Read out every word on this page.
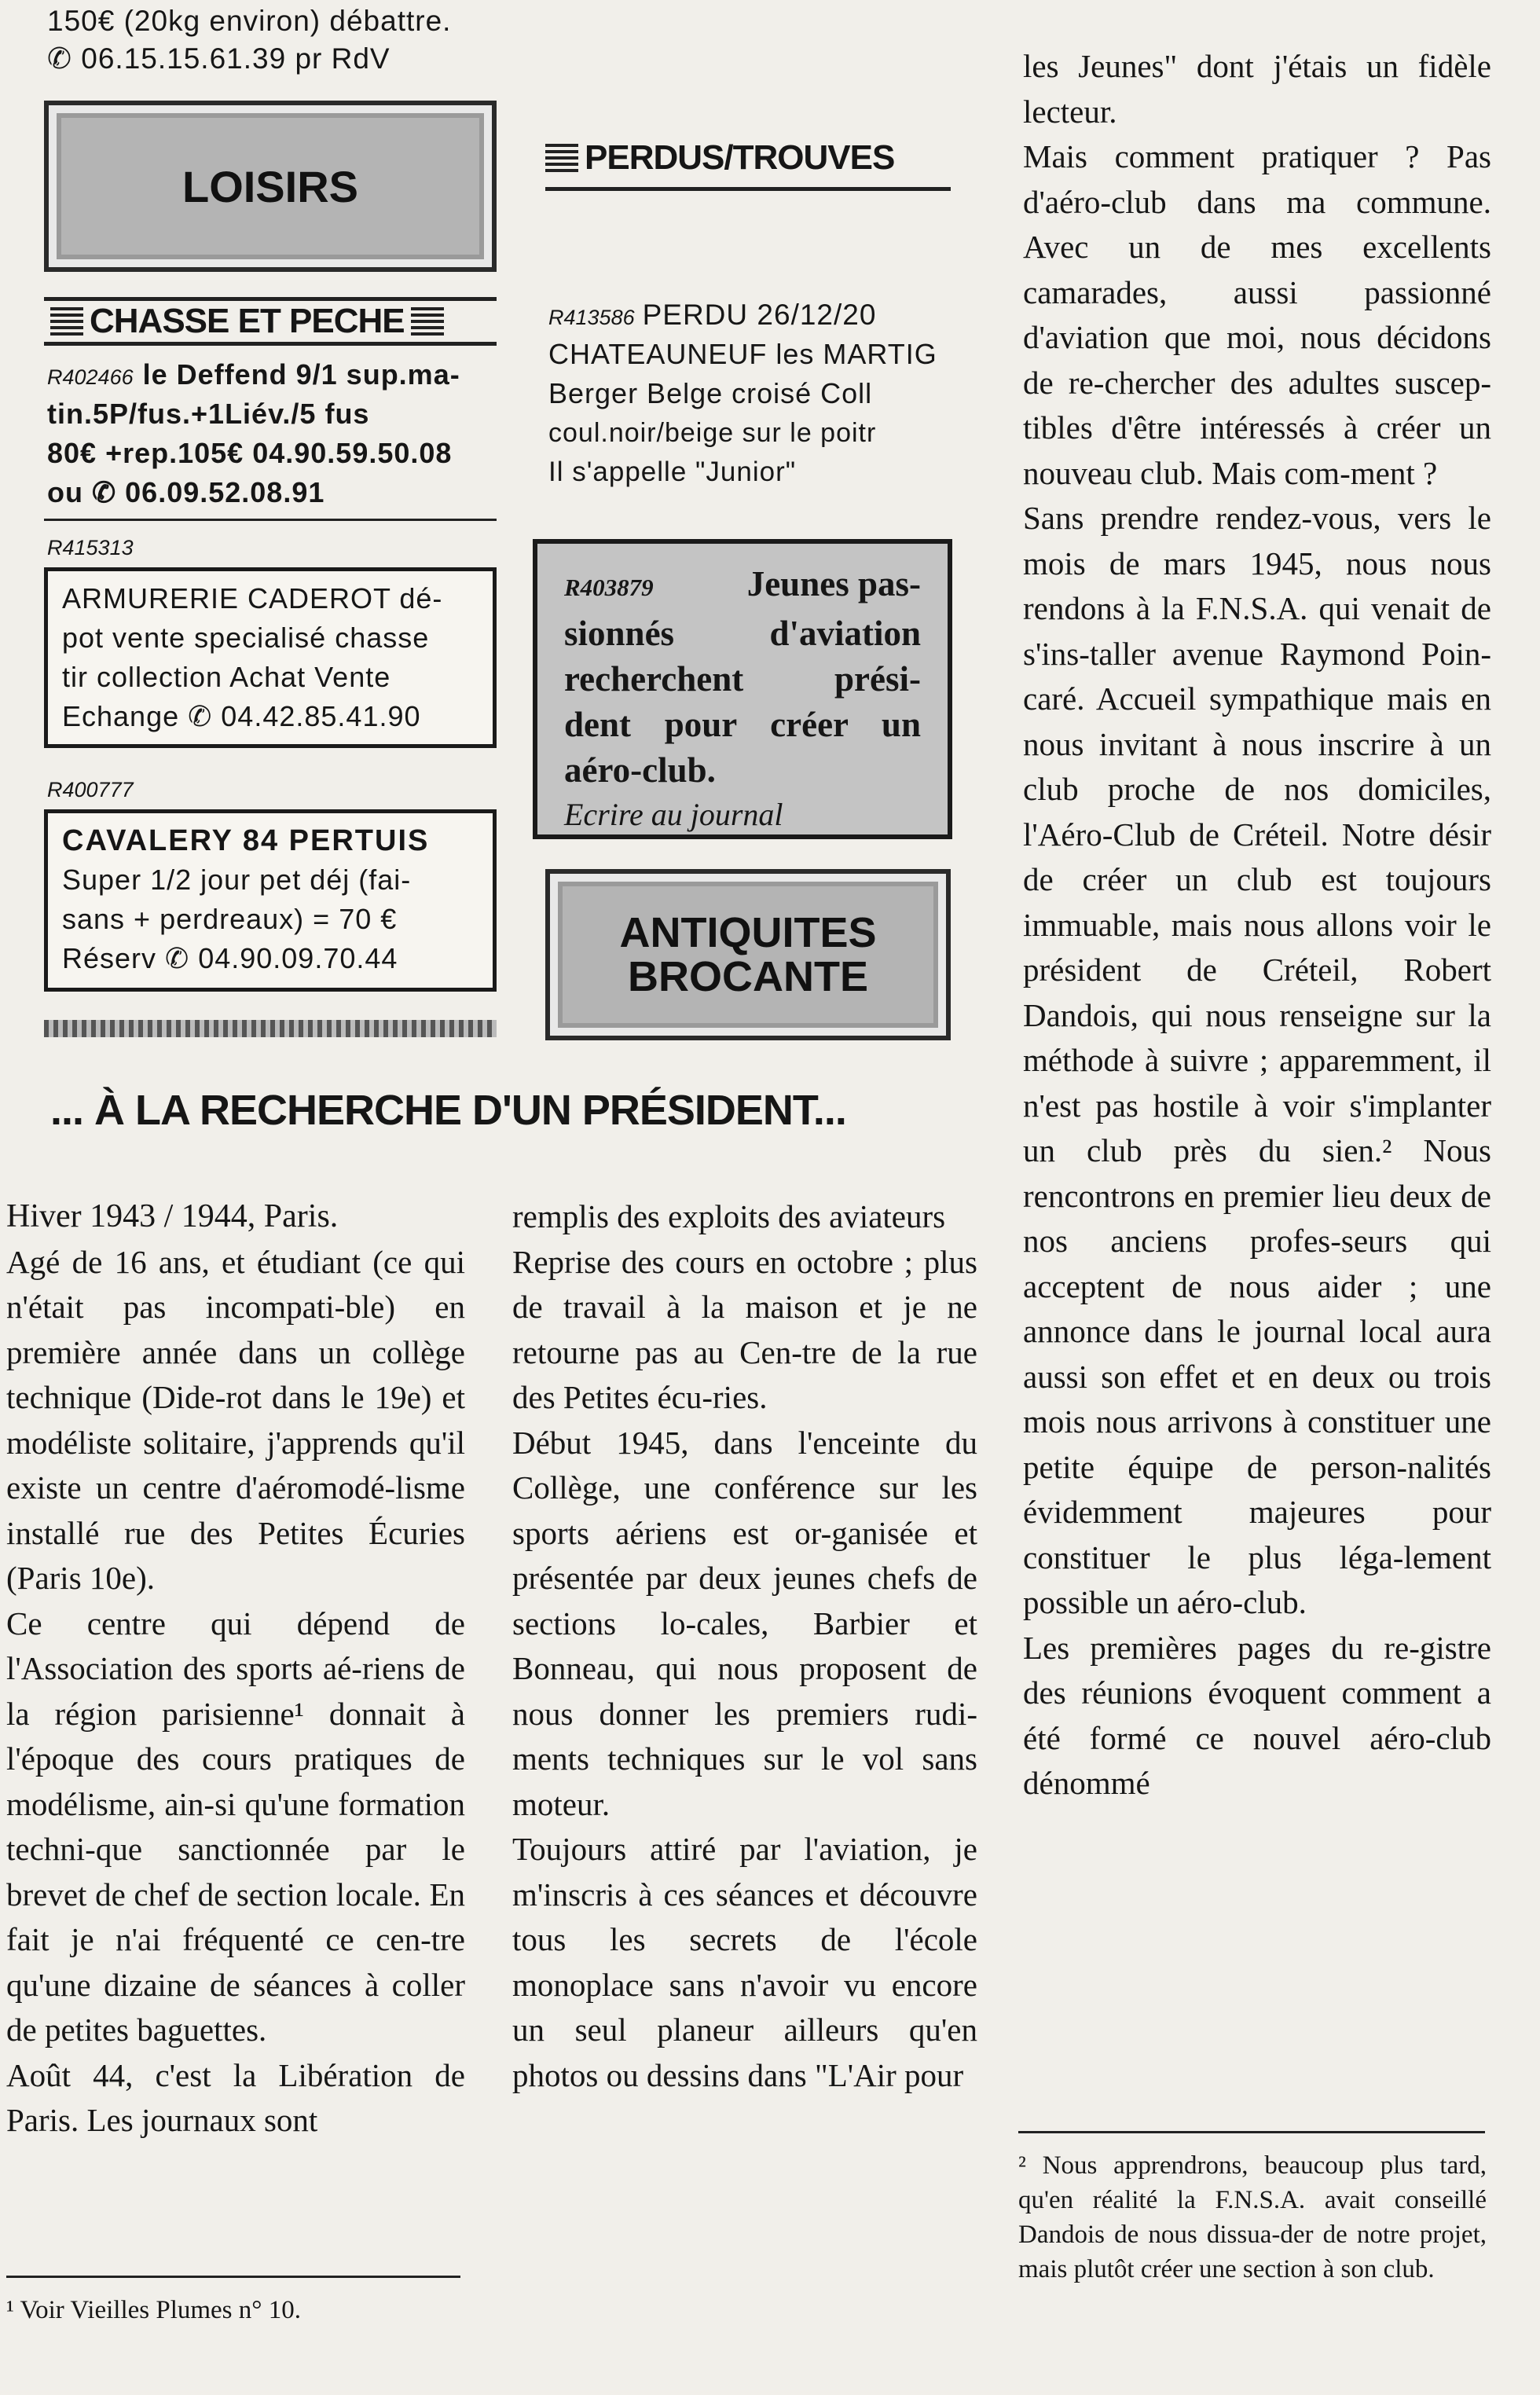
150€ (20kg environ) débattre.
✆ 06.15.15.61.39 pr RdV
LOISIRS
CHASSE ET PECHE
R402466 le Deffend 9/1 sup.ma-
tin.5P/fus.+1Liév./5 fus
80€ +rep.105€ 04.90.59.50.08
ou ✆ 06.09.52.08.91
R415313
ARMURERIE CADEROT dé-
pot vente specialisé chasse
tir collection Achat Vente
Echange ✆ 04.42.85.41.90
R400777
CAVALERY 84 PERTUIS
Super 1/2 jour pet déj (fai-
sans + perdreaux) = 70 €
Réserv ✆ 04.90.09.70.44
PERDUS/TROUVES
R413586 PERDU 26/12/20
CHATEAUNEUF les MARTIG
Berger Belge croisé Coll
coul.noir/beige sur le poitr
Il s'appelle "Junior"
R403879	Jeunes pas-
sionnés d'aviation
recherchent prési-
dent pour créer un
aéro-club.
Ecrire au journal
ANTIQUITES
BROCANTE
... À LA RECHERCHE D'UN PRÉSIDENT...

Hiver 1943 / 1944, Paris.

Agé de 16 ans, et étudiant (ce qui n'était pas incompati-ble) en première année dans un collège technique (Dide-rot dans le 19e) et modéliste solitaire, j'apprends qu'il existe un centre d'aéromodé-lisme installé rue des Petites Écuries (Paris 10e).

Ce centre qui dépend de l'Association des sports aé-riens de la région parisienne¹ donnait à l'époque des cours pratiques de modélisme, ain-si qu'une formation techni-que sanctionnée par le brevet de chef de section locale. En fait je n'ai fréquenté ce cen-tre qu'une dizaine de séances à coller de petites baguettes.

Août 44, c'est la Libération de Paris. Les journaux sont

remplis des exploits des aviateurs

Reprise des cours en octobre ; plus de travail à la maison et je ne retourne pas au Cen-tre de la rue des Petites écu-ries.

Début 1945, dans l'enceinte du Collège, une conférence sur les sports aériens est or-ganisée et présentée par deux jeunes chefs de sections lo-cales, Barbier et Bonneau, qui nous proposent de nous donner les premiers rudi-ments techniques sur le vol sans moteur.

Toujours attiré par l'aviation, je m'inscris à ces séances et découvre tous les secrets de l'école monoplace sans n'avoir vu encore un seul planeur ailleurs qu'en photos ou dessins dans "L'Air pour

les Jeunes" dont j'étais un fidèle lecteur.

Mais comment pratiquer ? Pas d'aéro-club dans ma commune. Avec un de mes excellents camarades, aussi passionné d'aviation que moi, nous décidons de re-chercher des adultes suscep-tibles d'être intéressés à créer un nouveau club. Mais com-ment ?

Sans prendre rendez-vous, vers le mois de mars 1945, nous nous rendons à la F.N.S.A. qui venait de s'ins-taller avenue Raymond Poin-caré. Accueil sympathique mais en nous invitant à nous inscrire à un club proche de nos domiciles, l'Aéro-Club de Créteil. Notre désir de créer un club est toujours immuable, mais nous allons voir le président de Créteil, Robert Dandois, qui nous renseigne sur la méthode à suivre ; apparemment, il n'est pas hostile à voir s'implanter un club près du sien.² Nous rencontrons en premier lieu deux de nos anciens profes-seurs qui acceptent de nous aider ; une annonce dans le journal local aura aussi son effet et en deux ou trois mois nous arrivons à constituer une petite équipe de person-nalités évidemment majeures pour constituer le plus léga-lement possible un aéro-club.

Les premières pages du re-gistre des réunions évoquent comment a été formé ce nouvel aéro-club dénommé

¹ Voir Vieilles Plumes n° 10.
² Nous apprendrons, beaucoup plus tard, qu'en réalité la F.N.S.A. avait conseillé Dandois de nous dissua-der de notre projet, mais plutôt créer une section à son club.
